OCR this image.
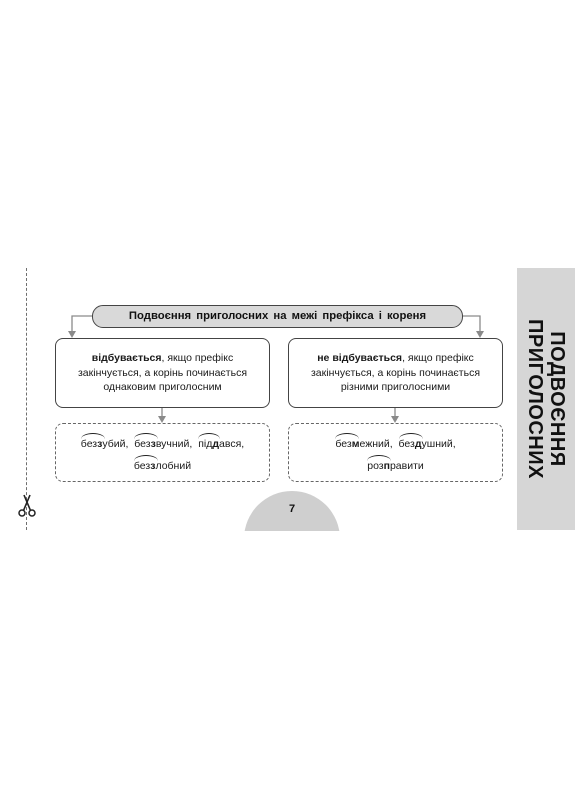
ПОДВОЄННЯ
ПРИГОЛОСНИХ
Подвоєння приголосних на межі префікса і кореня
відбувається, якщо префікс закінчується, а корінь починається однаковим приголосним
не відбувається, якщо префікс закінчується, а корінь починається різними приголосними
беззубий, беззвучний, піддався,
беззлобний
безмежний, бездушний,
розправити
7
